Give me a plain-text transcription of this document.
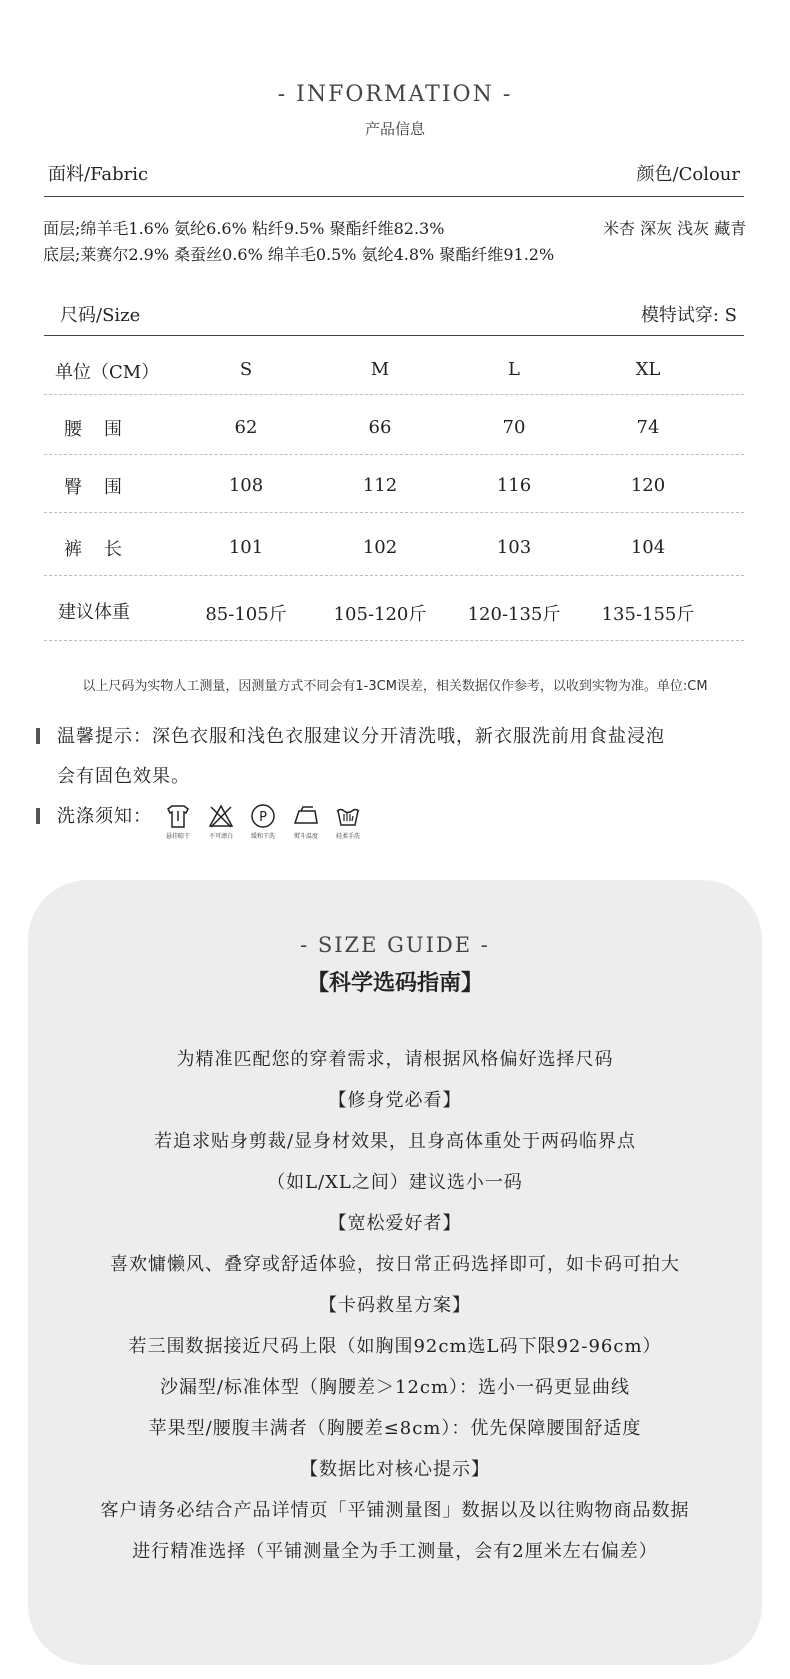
- INFORMATION -
产品信息
面料/Fabric	颜色/Colour
面层;绵羊毛1.6% 氨纶6.6% 粘纤9.5% 聚酯纤维82.3%
底层;莱赛尔2.9% 桑蚕丝0.6% 绵羊毛0.5% 氨纶4.8% 聚酯纤维91.2%
米杏 深灰 浅灰 藏青
尺码/Size	模特试穿: S
单位（CM）	S	M	L	XL
腰　围	62	66	70	74
臀　围	108	112	116	120
裤　长	101	102	103	104
建议体重	85-105斤	105-120斤	120-135斤	135-155斤
以上尺码为实物人工测量，因测量方式不同会有1-3CM误差，相关数据仅作参考，以收到实物为准。单位:CM
温馨提示：深色衣服和浅色衣服建议分开清洗哦，新衣服洗前用食盐浸泡
会有固色效果。
洗涤须知：
悬挂晾干	不可漂白
P
缓和干洗	熨斗温度	轻柔手洗
- SIZE GUIDE -
【科学选码指南】
为精准匹配您的穿着需求，请根据风格偏好选择尺码
【修身党必看】
若追求贴身剪裁/显身材效果，且身高体重处于两码临界点
（如L/XL之间）建议选小一码
【宽松爱好者】
喜欢慵懒风、叠穿或舒适体验，按日常正码选择即可，如卡码可拍大
【卡码救星方案】
若三围数据接近尺码上限（如胸围92cm选L码下限92-96cm）
沙漏型/标准体型（胸腰差＞12cm）：选小一码更显曲线
苹果型/腰腹丰满者（胸腰差≤8cm）：优先保障腰围舒适度
【数据比对核心提示】
客户请务必结合产品详情页「平铺测量图」数据以及以往购物商品数据
进行精准选择（平铺测量全为手工测量，会有2厘米左右偏差）
